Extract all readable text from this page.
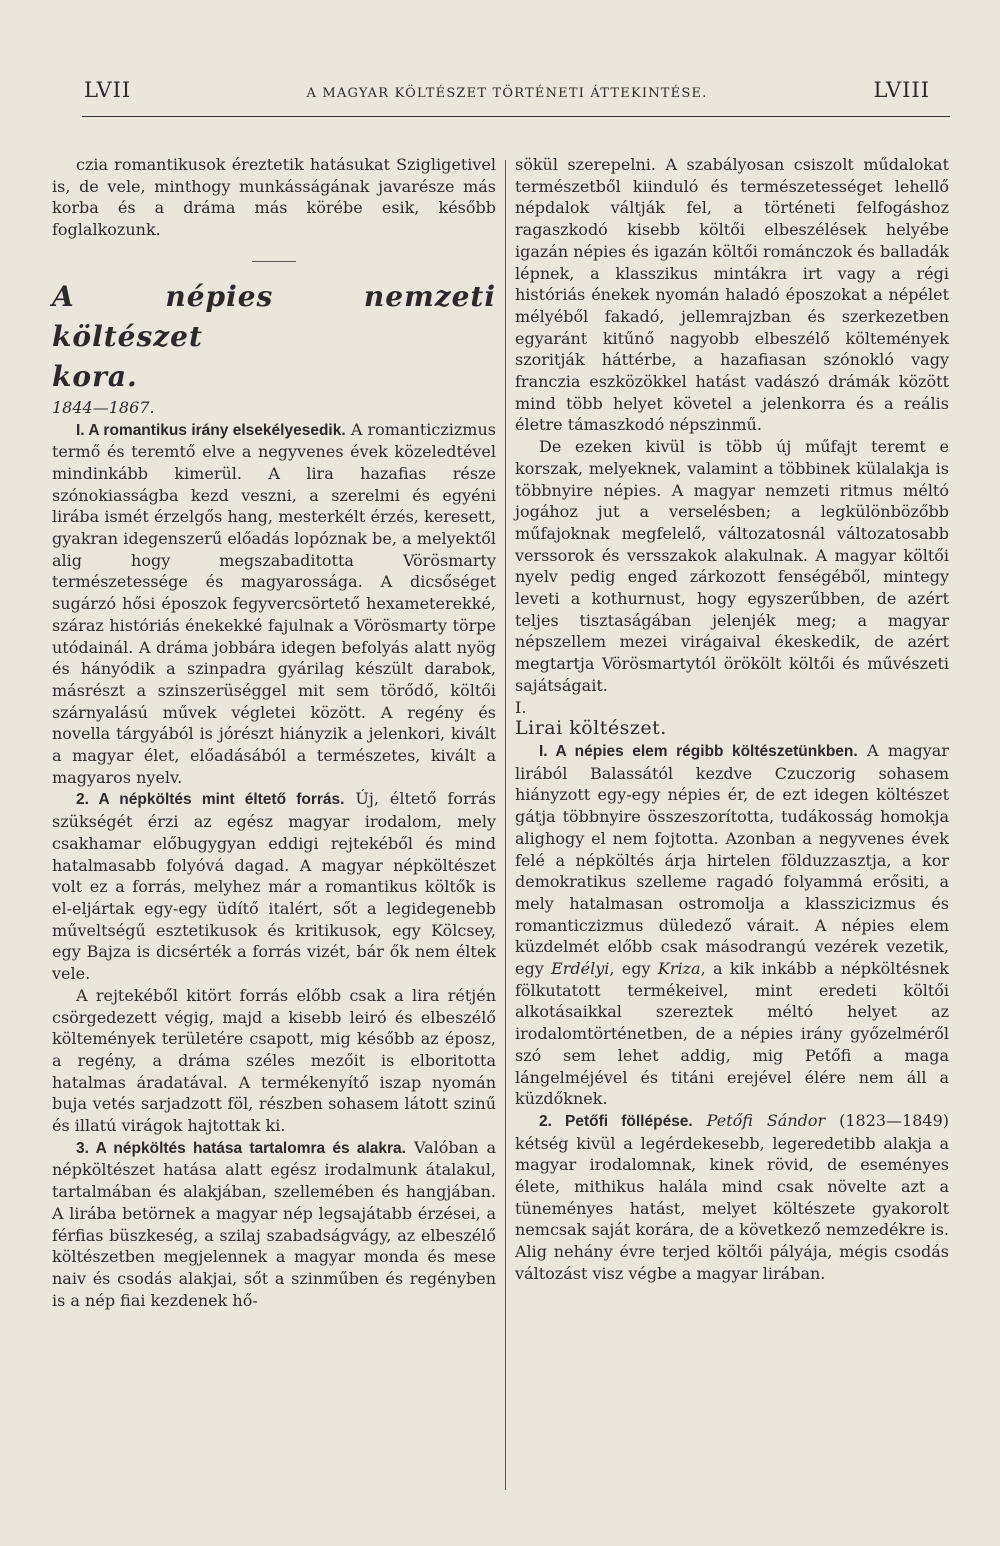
LVII	A MAGYAR KÖLTÉSZET TÖRTÉNETI ÁTTEKINTÉSE.	LVIII

czia romantikusok éreztetik hatásukat Szigligetivel is, de vele, minthogy munkásságának javarésze más korba és a dráma más körébe esik, később foglalkozunk.

A népies nemzeti költészet

kora.

1844—1867.

I. A romantikus irány elsekélyesedik. A romanticzizmus termő és teremtő elve a negyvenes évek közeledtével mindinkább kimerül. A lira hazafias része szónokiasságba kezd veszni, a szerelmi és egyéni lirába ismét érzelgős hang, mesterkélt érzés, keresett, gyakran idegenszerű előadás lopóznak be, a melyektől alig hogy megszabaditotta Vörösmarty természetessége és magyarossága. A dicsőséget sugárzó hősi époszok fegyvercsörtető hexameterekké, száraz históriás énekekké fajulnak a Vörösmarty törpe utódainál. A dráma jobbára idegen befolyás alatt nyög és hányódik a szinpadra gyárilag készült darabok, másrészt a szinszerüséggel mit sem törődő, költői szárnyalású művek végletei között. A regény és novella tárgyából is jórészt hiányzik a jelenkori, kivált a magyar élet, előadásából a természetes, kivált a magyaros nyelv.

2. A népköltés mint éltető forrás. Új, éltető forrás szükségét érzi az egész magyar irodalom, mely csakhamar előbugygyan eddigi rejtekéből és mind hatalmasabb folyóvá dagad. A magyar népköltészet volt ez a forrás, melyhez már a romantikus költők is el-eljártak egy-egy üdítő italért, sőt a legidegenebb műveltségű esztetikusok és kritikusok, egy Kölcsey, egy Bajza is dicsérték a forrás vizét, bár ők nem éltek vele.

A rejtekéből kitört forrás előbb csak a lira rétjén csörgedezett végig, majd a kisebb leiró és elbeszélő költemények területére csapott, mig később az éposz, a regény, a dráma széles mezőit is elboritotta hatalmas áradatával. A termékenyítő iszap nyomán buja vetés sarjadzott föl, részben sohasem látott szinű és illatú virágok hajtottak ki.

3. A népköltés hatása tartalomra és alakra. Valóban a népköltészet hatása alatt egész irodalmunk átalakul, tartalmában és alakjában, szellemében és hangjában. A lirába betörnek a magyar nép legsajátabb érzései, a férfias büszkeség, a szilaj szabadságvágy, az elbeszélő költészetben megjelennek a magyar monda és mese naiv és csodás alakjai, sőt a szinműben és regényben is a nép fiai kezdenek hő-

sökül szerepelni. A szabályosan csiszolt műdalokat természetből kiinduló és természetességet lehellő népdalok váltják fel, a történeti felfogáshoz ragaszkodó kisebb költői elbeszélések helyébe igazán népies és igazán költői románczok és balladák lépnek, a klasszikus mintákra irt vagy a régi históriás énekek nyomán haladó époszokat a népélet mélyéből fakadó, jellemrajzban és szerkezetben egyaránt kitűnő nagyobb elbeszélő költemények szoritják háttérbe, a hazafiasan szónokló vagy franczia eszközökkel hatást vadászó drámák között mind több helyet követel a jelenkorra és a reális életre támaszkodó népszinmű.

De ezeken kivül is több új műfajt teremt e korszak, melyeknek, valamint a többinek külalakja is többnyire népies. A magyar nemzeti ritmus méltó jogához jut a verselésben; a legkülönbözőbb műfajoknak megfelelő, változatosnál változatosabb verssorok és versszakok alakulnak. A magyar költői nyelv pedig enged zárkozott fenségéből, mintegy leveti a kothurnust, hogy egyszerűbben, de azért teljes tisztaságában jelenjék meg; a magyar népszellem mezei virágaival ékeskedik, de azért megtartja Vörösmartytól örökölt költői és művészeti sajátságait.

I.

Lirai költészet.

I. A népies elem régibb költészetünkben. A magyar lirából Balassától kezdve Czuczorig sohasem hiányzott egy-egy népies ér, de ezt idegen költészet gátja többnyire összeszorította, tudákosság homokja alighogy el nem fojtotta. Azonban a negyvenes évek felé a népköltés árja hirtelen földuzzasztja, a kor demokratikus szelleme ragadó folyammá erősiti, a mely hatalmasan ostromolja a klasszicizmus és romanticzizmus düledező várait. A népies elem küzdelmét előbb csak másodrangú vezérek vezetik, egy Erdélyi, egy Kriza, a kik inkább a népköltésnek fölkutatott termékeivel, mint eredeti költői alkotásaikkal szereztek méltó helyet az irodalomtörténetben, de a népies irány győzelméről szó sem lehet addig, mig Petőfi a maga lángelméjével és titáni erejével élére nem áll a küzdőknek.

2. Petőfi föllépése. Petőfi Sándor (1823—1849) kétség kivül a legérdekesebb, legeredetibb alakja a magyar irodalomnak, kinek rövid, de eseményes élete, mithikus halála mind csak növelte azt a tüneményes hatást, melyet költészete gyakorolt nemcsak saját korára, de a következő nemzedékre is. Alig nehány évre terjed költői pályája, mégis csodás változást visz végbe a magyar lirában.
